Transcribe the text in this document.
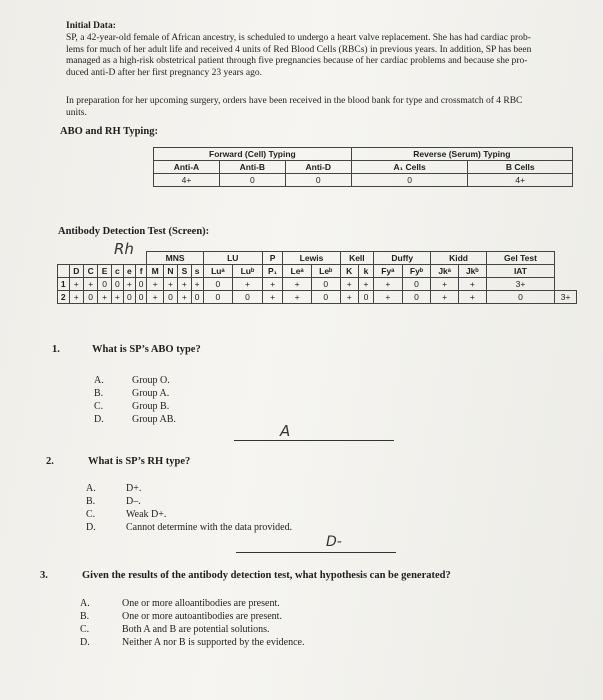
Initial Data:
SP, a 42-year-old female of African ancestry, is scheduled to undergo a heart valve replacement. She has had cardiac prob-
lems for much of her adult life and received 4 units of Red Blood Cells (RBCs) in previous years. In addition, SP has been
managed as a high-risk obstetrical patient through five pregnancies because of her cardiac problems and because she pro-
duced anti-D after her first pregnancy 23 years ago.
In preparation for her upcoming surgery, orders have been received in the blood bank for type and crossmatch of 4 RBC
units.
ABO and RH Typing:
Forward (Cell) Typing			Reverse (Serum) Typing	
Anti-A	Anti-B	Anti-D	A₁ Cells	B Cells
4+	0	0	0	4+
Antibody Detection Test (Screen):
Rh
							MNS				LU		P	Lewis		Kell		Duffy		Kidd		Gel Test	
	D	C	E	c	e	f	M	N	S	s	Luᵃ	Luᵇ	P₁	Leᵃ	Leᵇ	K	k	Fyᵃ	Fyᵇ	Jkᵃ	Jkᵇ	IAT	
1	+	+	0	0	+	0	+	+	+	+	0	+	+	+	0	+	+	+	0	+	+	3+	
2	+	0	+	+	0	0	+	0	+	0	0	0	+	+	0	+	0	+	0	+	+	0	3+
1.	What is SP’s ABO type?
A.	Group O.
B.	Group A.
C.	Group B.
D.	Group AB.
A
2.	What is SP’s RH type?
A.	D+.
B.	D–.
C.	Weak D+.
D.	Cannot determine with the data provided.
D-
3.	Given the results of the antibody detection test, what hypothesis can be generated?
A.	One or more alloantibodies are present.
B.	One or more autoantibodies are present.
C.	Both A and B are potential solutions.
D.	Neither A nor B is supported by the evidence.
